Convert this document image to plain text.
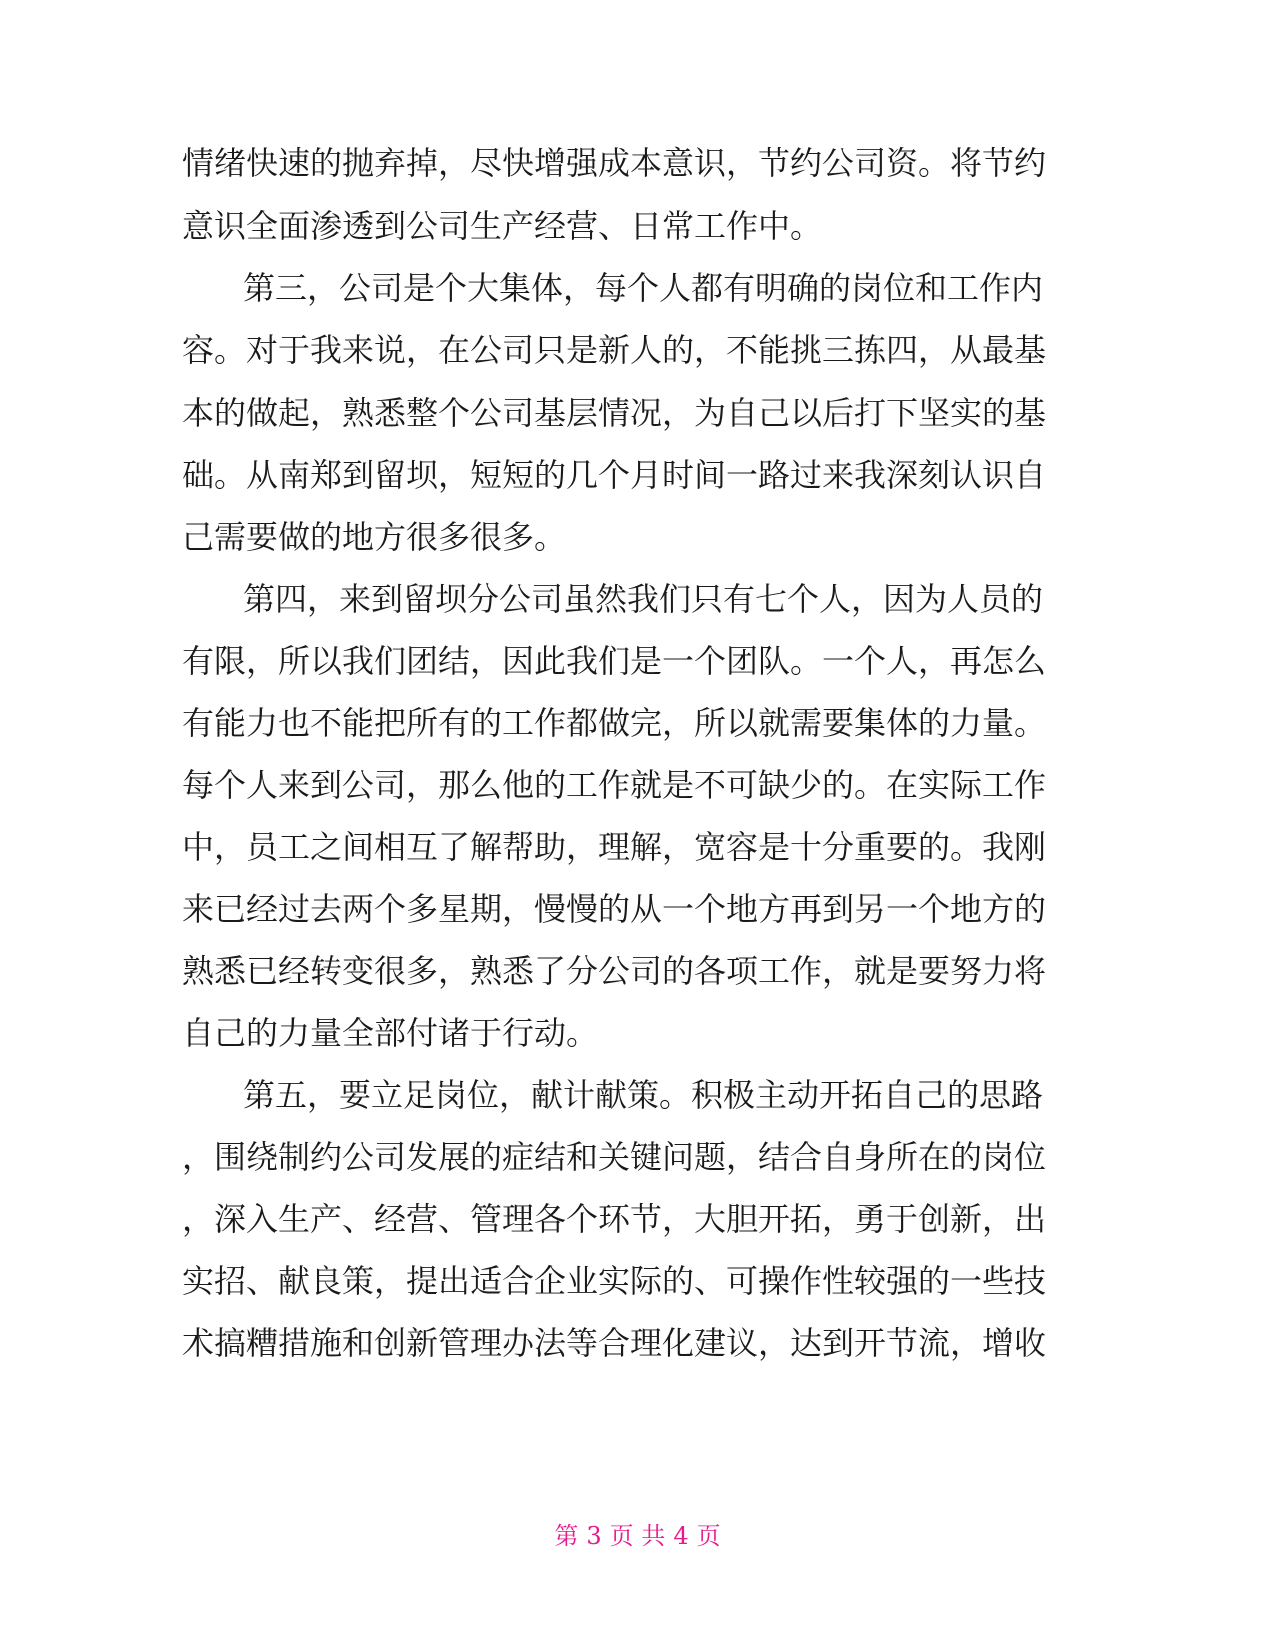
情绪快速的抛弃掉，尽快增强成本意识，节约公司资。将节约
意识全面渗透到公司生产经营、日常工作中。
第三，公司是个大集体，每个人都有明确的岗位和工作内
容。对于我来说，在公司只是新人的，不能挑三拣四，从最基
本的做起，熟悉整个公司基层情况，为自己以后打下坚实的基
础。从南郑到留坝，短短的几个月时间一路过来我深刻认识自
己需要做的地方很多很多。
第四，来到留坝分公司虽然我们只有七个人，因为人员的
有限，所以我们团结，因此我们是一个团队。一个人，再怎么
有能力也不能把所有的工作都做完，所以就需要集体的力量。
每个人来到公司，那么他的工作就是不可缺少的。在实际工作
中，员工之间相互了解帮助，理解，宽容是十分重要的。我刚
来已经过去两个多星期，慢慢的从一个地方再到另一个地方的
熟悉已经转变很多，熟悉了分公司的各项工作，就是要努力将
自己的力量全部付诸于行动。
第五，要立足岗位，献计献策。积极主动开拓自己的思路
，围绕制约公司发展的症结和关键问题，结合自身所在的岗位
，深入生产、经营、管理各个环节，大胆开拓，勇于创新，出
实招、献良策，提出适合企业实际的、可操作性较强的一些技
术搞糟措施和创新管理办法等合理化建议，达到开节流，增收
第 3 页 共 4 页
